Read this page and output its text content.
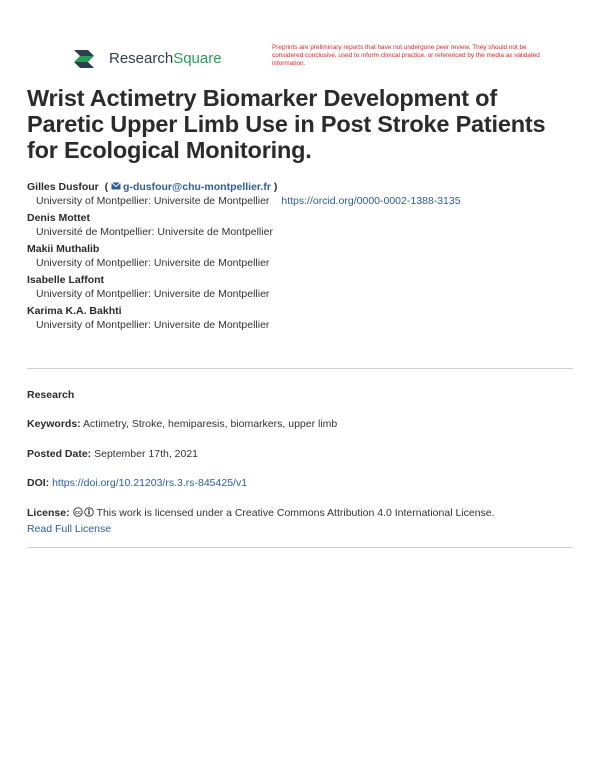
ResearchSquare
Preprints are preliminary reports that have not undergone peer review. They should not be considered conclusive, used to inform clinical practice, or referenced by the media as validated information.
Wrist Actimetry Biomarker Development of Paretic Upper Limb Use in Post Stroke Patients for Ecological Monitoring.
Gilles Dusfour  ( g-dusfour@chu-montpellier.fr )
University of Montpellier: Universite de Montpellier https://orcid.org/0000-0002-1388-3135
Denis Mottet
Université de Montpellier: Universite de Montpellier
Makii Muthalib
University of Montpellier: Universite de Montpellier
Isabelle Laffont
University of Montpellier: Universite de Montpellier
Karima K.A. Bakhti
University of Montpellier: Universite de Montpellier
Research
Keywords: Actimetry, Stroke, hemiparesis, biomarkers, upper limb
Posted Date: September 17th, 2021
DOI: https://doi.org/10.21203/rs.3.rs-845425/v1
License: cc This work is licensed under a Creative Commons Attribution 4.0 International License.
Read Full License
